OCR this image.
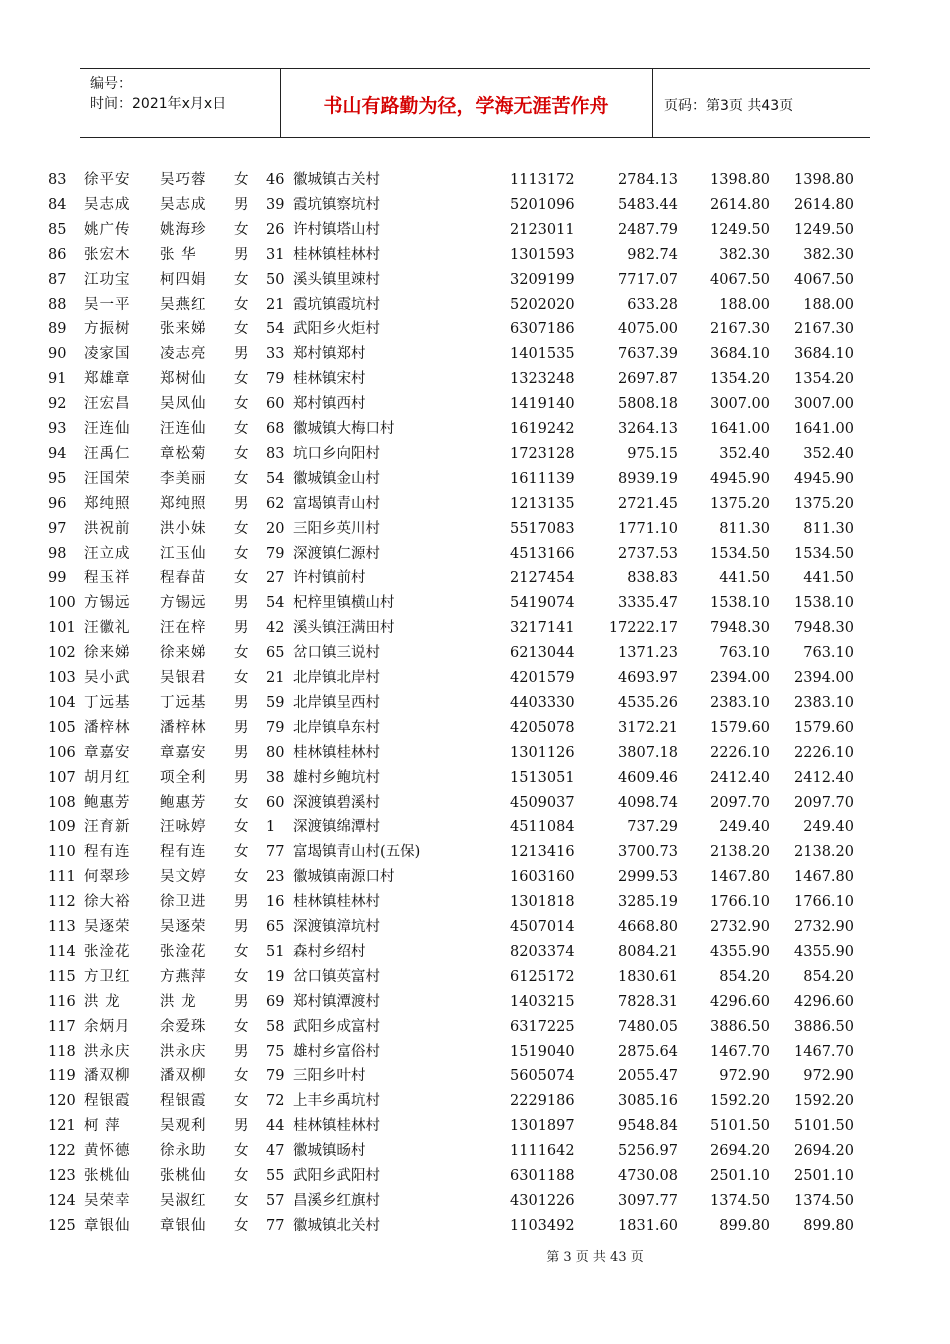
编号：
时间：2021年x月x日	书山有路勤为径，学海无涯苦作舟	页码：第3页 共43页
83 徐平安 吴巧蓉 女 46 徽城镇古关村	1113172	2784.13	1398.80	1398.80
84 吴志成 吴志成 男 39 霞坑镇察坑村	5201096	5483.44	2614.80	2614.80
85 姚广传 姚海珍 女 26 许村镇塔山村	2123011	2487.79	1249.50	1249.50
86 张宏木 张 华	男 31 桂林镇桂林村	1301593	982.74	382.30	382.30
87 江功宝 柯四娟 女 50 溪头镇里竦村	3209199	7717.07	4067.50	4067.50
88 吴一平 吴燕红 女 21 霞坑镇霞坑村	5202020	633.28	188.00	188.00
89 方振树 张来娣 女 54 武阳乡火炬村	6307186	4075.00	2167.30	2167.30
90 凌家国 凌志亮 男 33 郑村镇郑村	1401535	7637.39	3684.10	3684.10
91 郑雄章 郑树仙 女 79 桂林镇宋村	1323248	2697.87	1354.20	1354.20
92 汪宏昌 吴凤仙 女 60 郑村镇西村	1419140	5808.18	3007.00	3007.00
93 汪连仙 汪连仙 女 68 徽城镇大梅口村	1619242	3264.13	1641.00	1641.00
94 汪禹仁 章松菊 女 83 坑口乡向阳村	1723128	975.15	352.40	352.40
95 汪国荣 李美丽 女 54 徽城镇金山村	1611139	8939.19	4945.90	4945.90
96 郑纯照 郑纯照 男 62 富堨镇青山村	1213135	2721.45	1375.20	1375.20
97 洪祝前 洪小妹 女 20 三阳乡英川村	5517083	1771.10	811.30	811.30
98 汪立成 江玉仙 女 79 深渡镇仁源村	4513166	2737.53	1534.50	1534.50
99 程玉祥 程春苗 女 27 许村镇前村	2127454	838.83	441.50	441.50
100 方锡远 方锡远 男 54 杞梓里镇横山村	5419074	3335.47	1538.10	1538.10
101 汪徽礼 汪在梓 男 42 溪头镇汪满田村	3217141	17222.17	7948.30	7948.30
102 徐来娣 徐来娣 女 65 岔口镇三说村	6213044	1371.23	763.10	763.10
103 吴小武 吴银君 女 21 北岸镇北岸村	4201579	4693.97	2394.00	2394.00
104 丁远基 丁远基 男 59 北岸镇呈西村	4403330	4535.26	2383.10	2383.10
105 潘梓林 潘梓林 男 79 北岸镇阜东村	4205078	3172.21	1579.60	1579.60
106 章嘉安 章嘉安 男 80 桂林镇桂林村	1301126	3807.18	2226.10	2226.10
107 胡月红 项全利 男 38 雄村乡鲍坑村	1513051	4609.46	2412.40	2412.40
108 鲍惠芳 鲍惠芳 女 60 深渡镇碧溪村	4509037	4098.74	2097.70	2097.70
109 汪育新 汪咏婷 女 1 深渡镇绵潭村	4511084	737.29	249.40	249.40
110 程有连 程有连 女 77 富堨镇青山村(五保)	1213416	3700.73	2138.20	2138.20
111 何翠珍 吴文婷 女 23 徽城镇南源口村	1603160	2999.53	1467.80	1467.80
112 徐大裕 徐卫进 男 16 桂林镇桂林村	1301818	3285.19	1766.10	1766.10
113 吴逐荣 吴逐荣 男 65 深渡镇漳坑村	4507014	4668.80	2732.90	2732.90
114 张淦花 张淦花 女 51 森村乡绍村	8203374	8084.21	4355.90	4355.90
115 方卫红 方燕萍 女 19 岔口镇英富村	6125172	1830.61	854.20	854.20
116 洪 龙	洪 龙	男 69 郑村镇潭渡村	1403215	7828.31	4296.60	4296.60
117 余炳月 余爱珠 女 58 武阳乡成富村	6317225	7480.05	3886.50	3886.50
118 洪永庆 洪永庆 男 75 雄村乡富俗村	1519040	2875.64	1467.70	1467.70
119 潘双柳 潘双柳 女 79 三阳乡叶村	5605074	2055.47	972.90	972.90
120 程银霞 程银霞 女 72 上丰乡禹坑村	2229186	3085.16	1592.20	1592.20
121 柯 萍	吴观利 男 44 桂林镇桂林村	1301897	9548.84	5101.50	5101.50
122 黄怀德 徐永助 女 47 徽城镇旸村	1111642	5256.97	2694.20	2694.20
123 张桃仙 张桃仙 女 55 武阳乡武阳村	6301188	4730.08	2501.10	2501.10
124 吴荣幸 吴淑红 女 57 昌溪乡红旗村	4301226	3097.77	1374.50	1374.50
125 章银仙 章银仙 女 77 徽城镇北关村	1103492	1831.60	899.80	899.80
第 3 页 共 43 页
